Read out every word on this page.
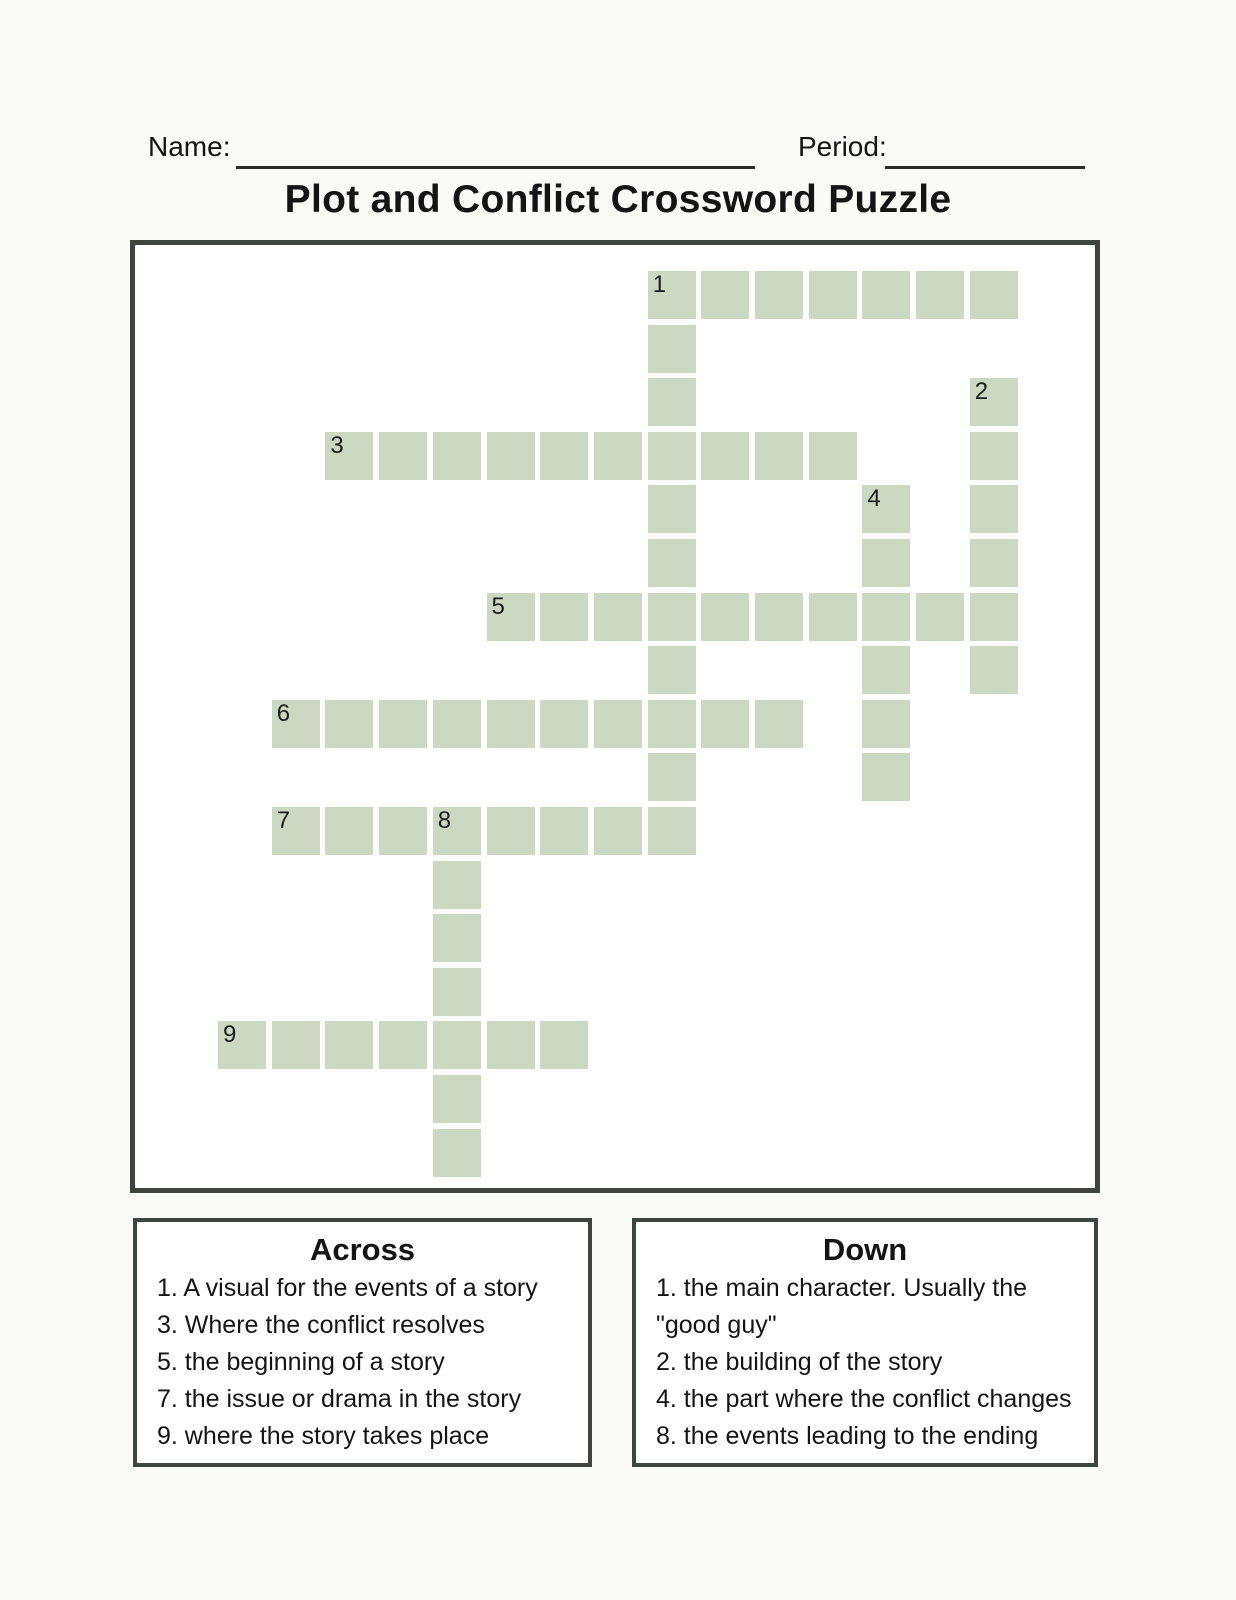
Name:	Period:
Plot and Conflict Crossword Puzzle
1
2
3
4
5
6
7	8
9
Across
1. A visual for the events of a story
3. Where the conflict resolves
5. the beginning of a story
7. the issue or drama in the story
9. where the story takes place
Down
1. the main character. Usually the "good guy"
2. the building of the story
4. the part where the conflict changes
8. the events leading to the ending
